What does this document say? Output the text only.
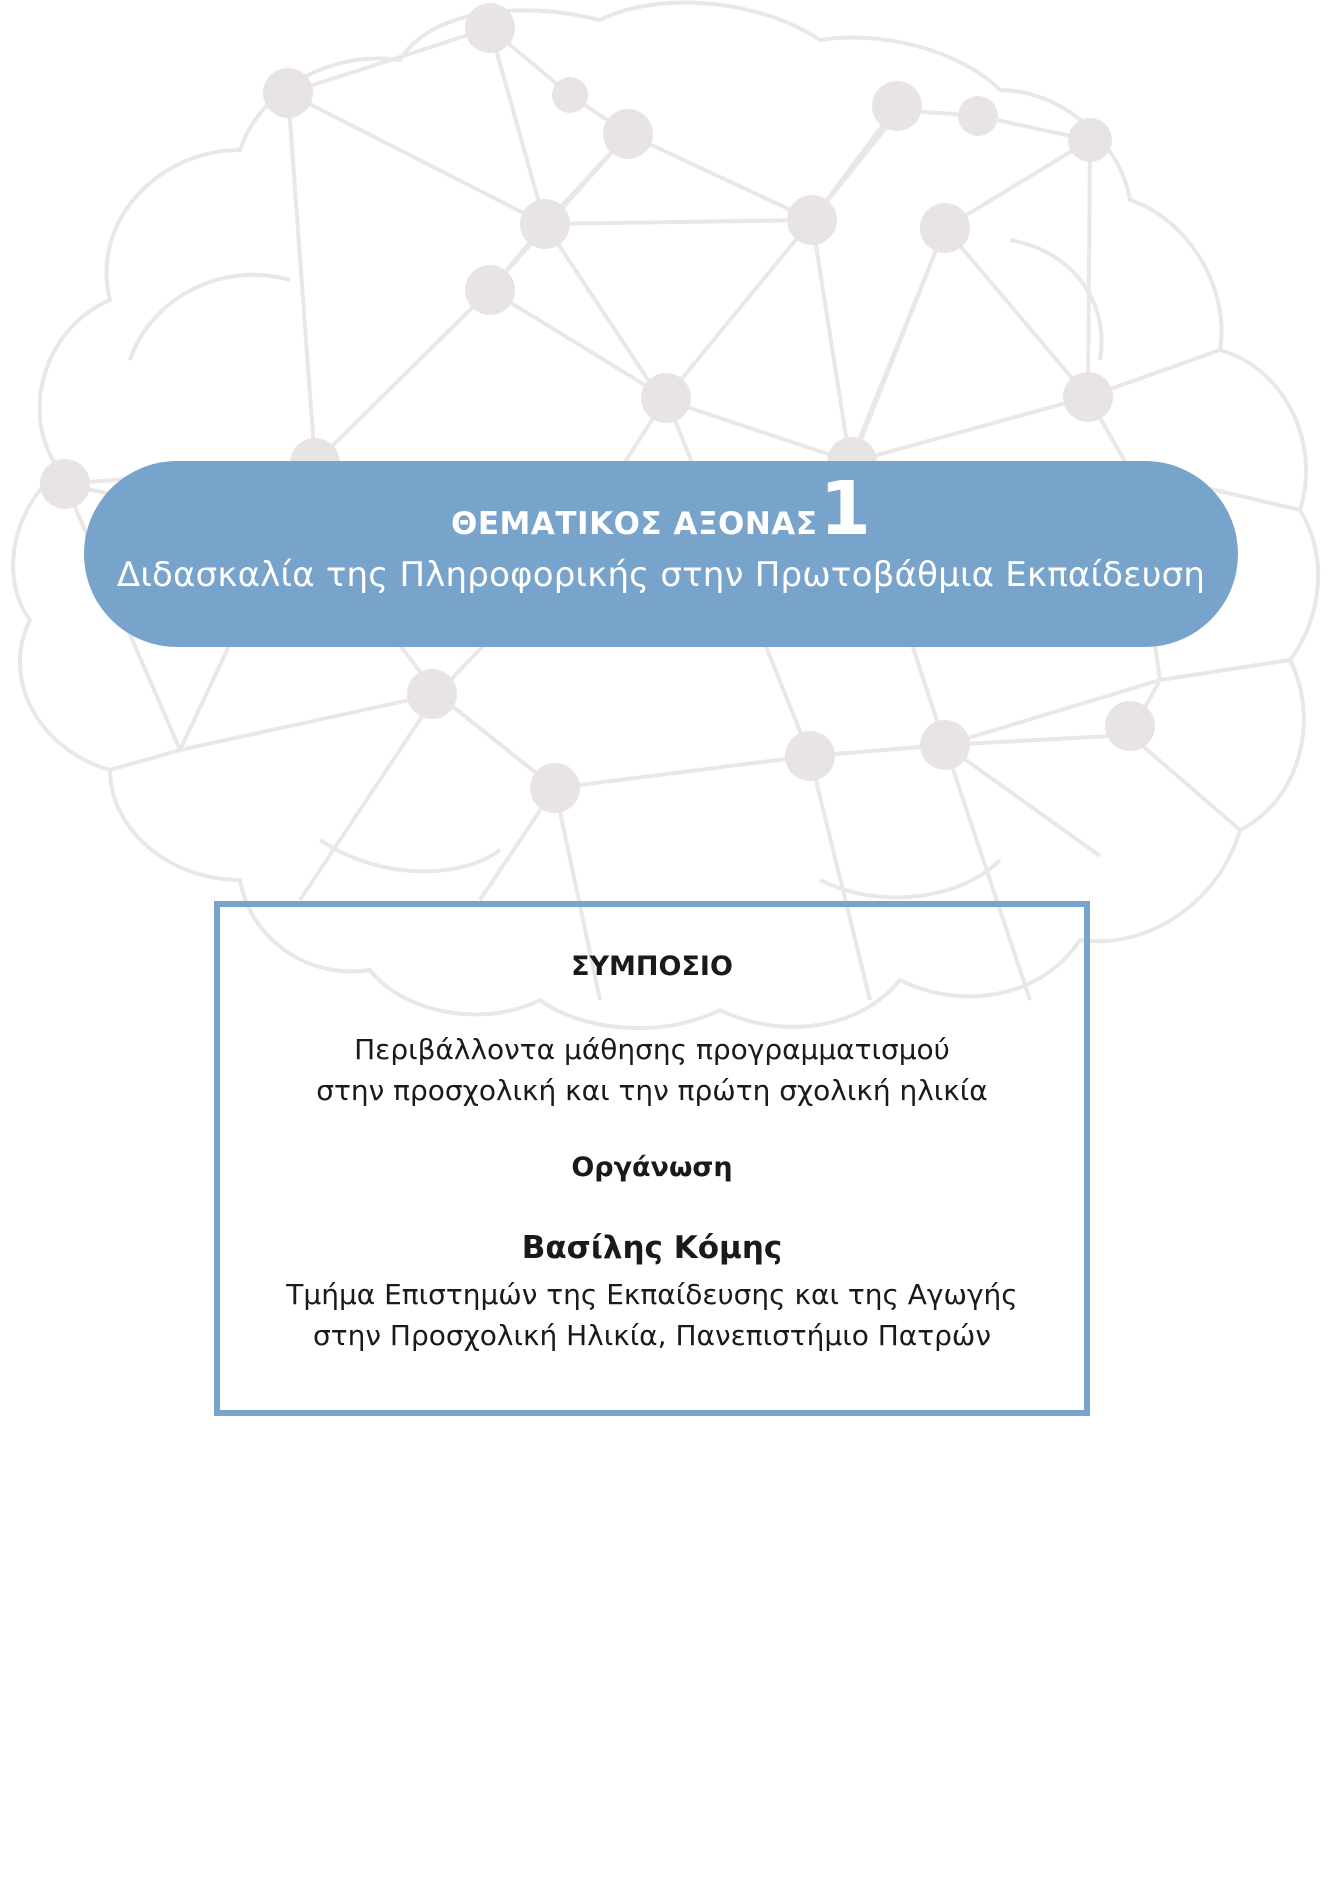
ΘΕΜΑΤΙΚΟΣ ΑΞΟΝΑΣ1
Διδασκαλία της Πληροφορικής στην Πρωτοβάθμια Εκπαίδευση
ΣΥΜΠΟΣΙΟ
Περιβάλλοντα μάθησης προγραμματισμού
στην προσχολική και την πρώτη σχολική ηλικία
Οργάνωση
Βασίλης Κόμης
Τμήμα Επιστημών της Εκπαίδευσης και της Αγωγής
στην Προσχολική Ηλικία, Πανεπιστήμιο Πατρών
